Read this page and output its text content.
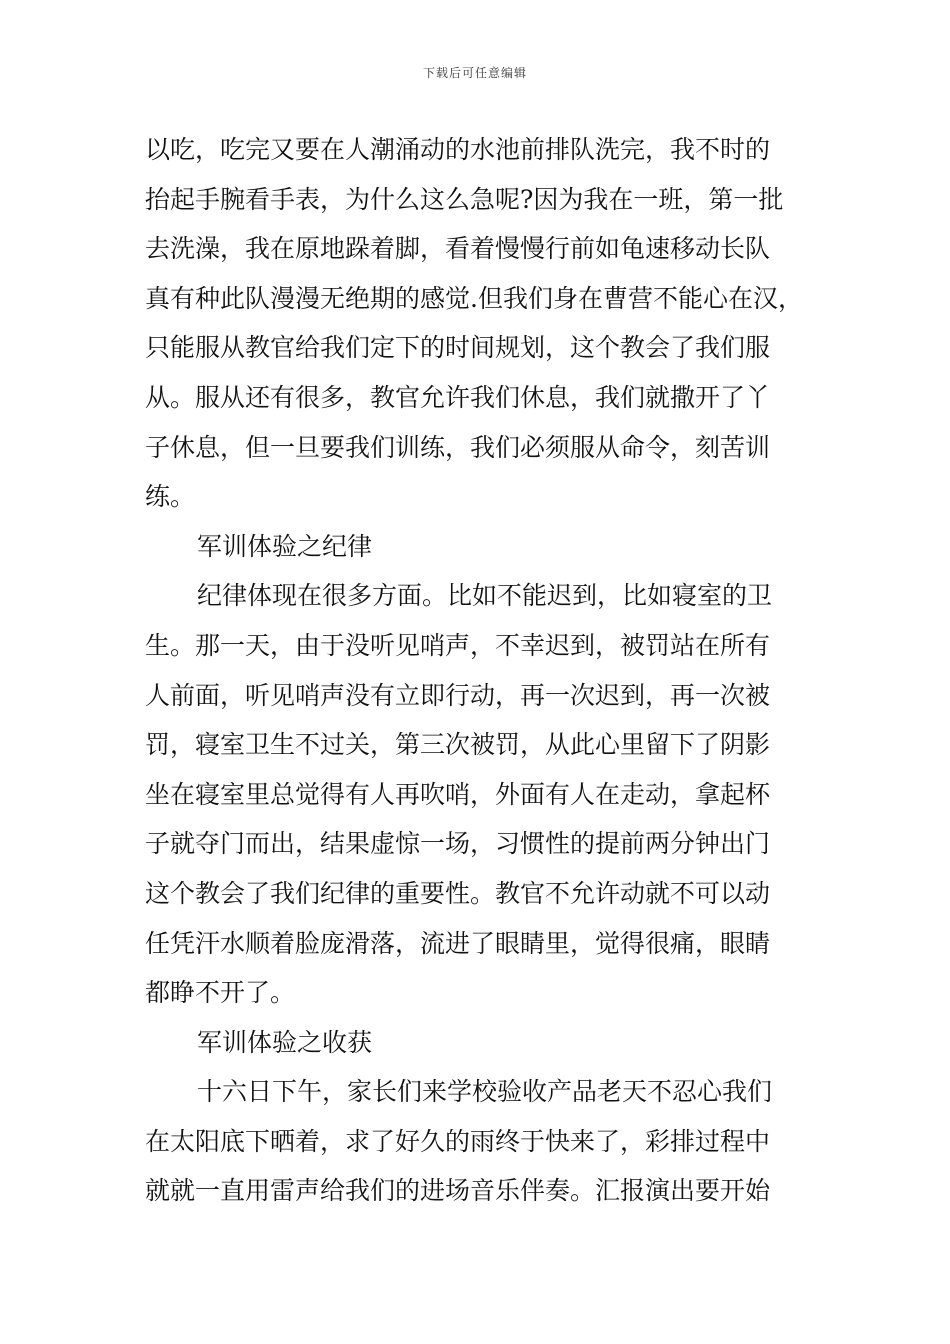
下载后可任意编辑
以吃，吃完又要在人潮涌动的水池前排队洗完，我不时的
抬起手腕看手表，为什么这么急呢?因为我在一班，第一批
去洗澡，我在原地跺着脚，看着慢慢行前如龟速移动长队
真有种此队漫漫无绝期的感觉.但我们身在曹营不能心在汉，
只能服从教官给我们定下的时间规划，这个教会了我们服
从。服从还有很多，教官允许我们休息，我们就撒开了丫
子休息，但一旦要我们训练，我们必须服从命令，刻苦训
练。
军训体验之纪律
纪律体现在很多方面。比如不能迟到，比如寝室的卫
生。那一天，由于没听见哨声，不幸迟到，被罚站在所有
人前面，听见哨声没有立即行动，再一次迟到，再一次被
罚，寝室卫生不过关，第三次被罚，从此心里留下了阴影
坐在寝室里总觉得有人再吹哨，外面有人在走动，拿起杯
子就夺门而出，结果虚惊一场，习惯性的提前两分钟出门
这个教会了我们纪律的重要性。教官不允许动就不可以动
任凭汗水顺着脸庞滑落，流进了眼睛里，觉得很痛，眼睛
都睁不开了。
军训体验之收获
十六日下午，家长们来学校验收产品老天不忍心我们
在太阳底下晒着，求了好久的雨终于快来了，彩排过程中
就就一直用雷声给我们的进场音乐伴奏。汇报演出要开始
